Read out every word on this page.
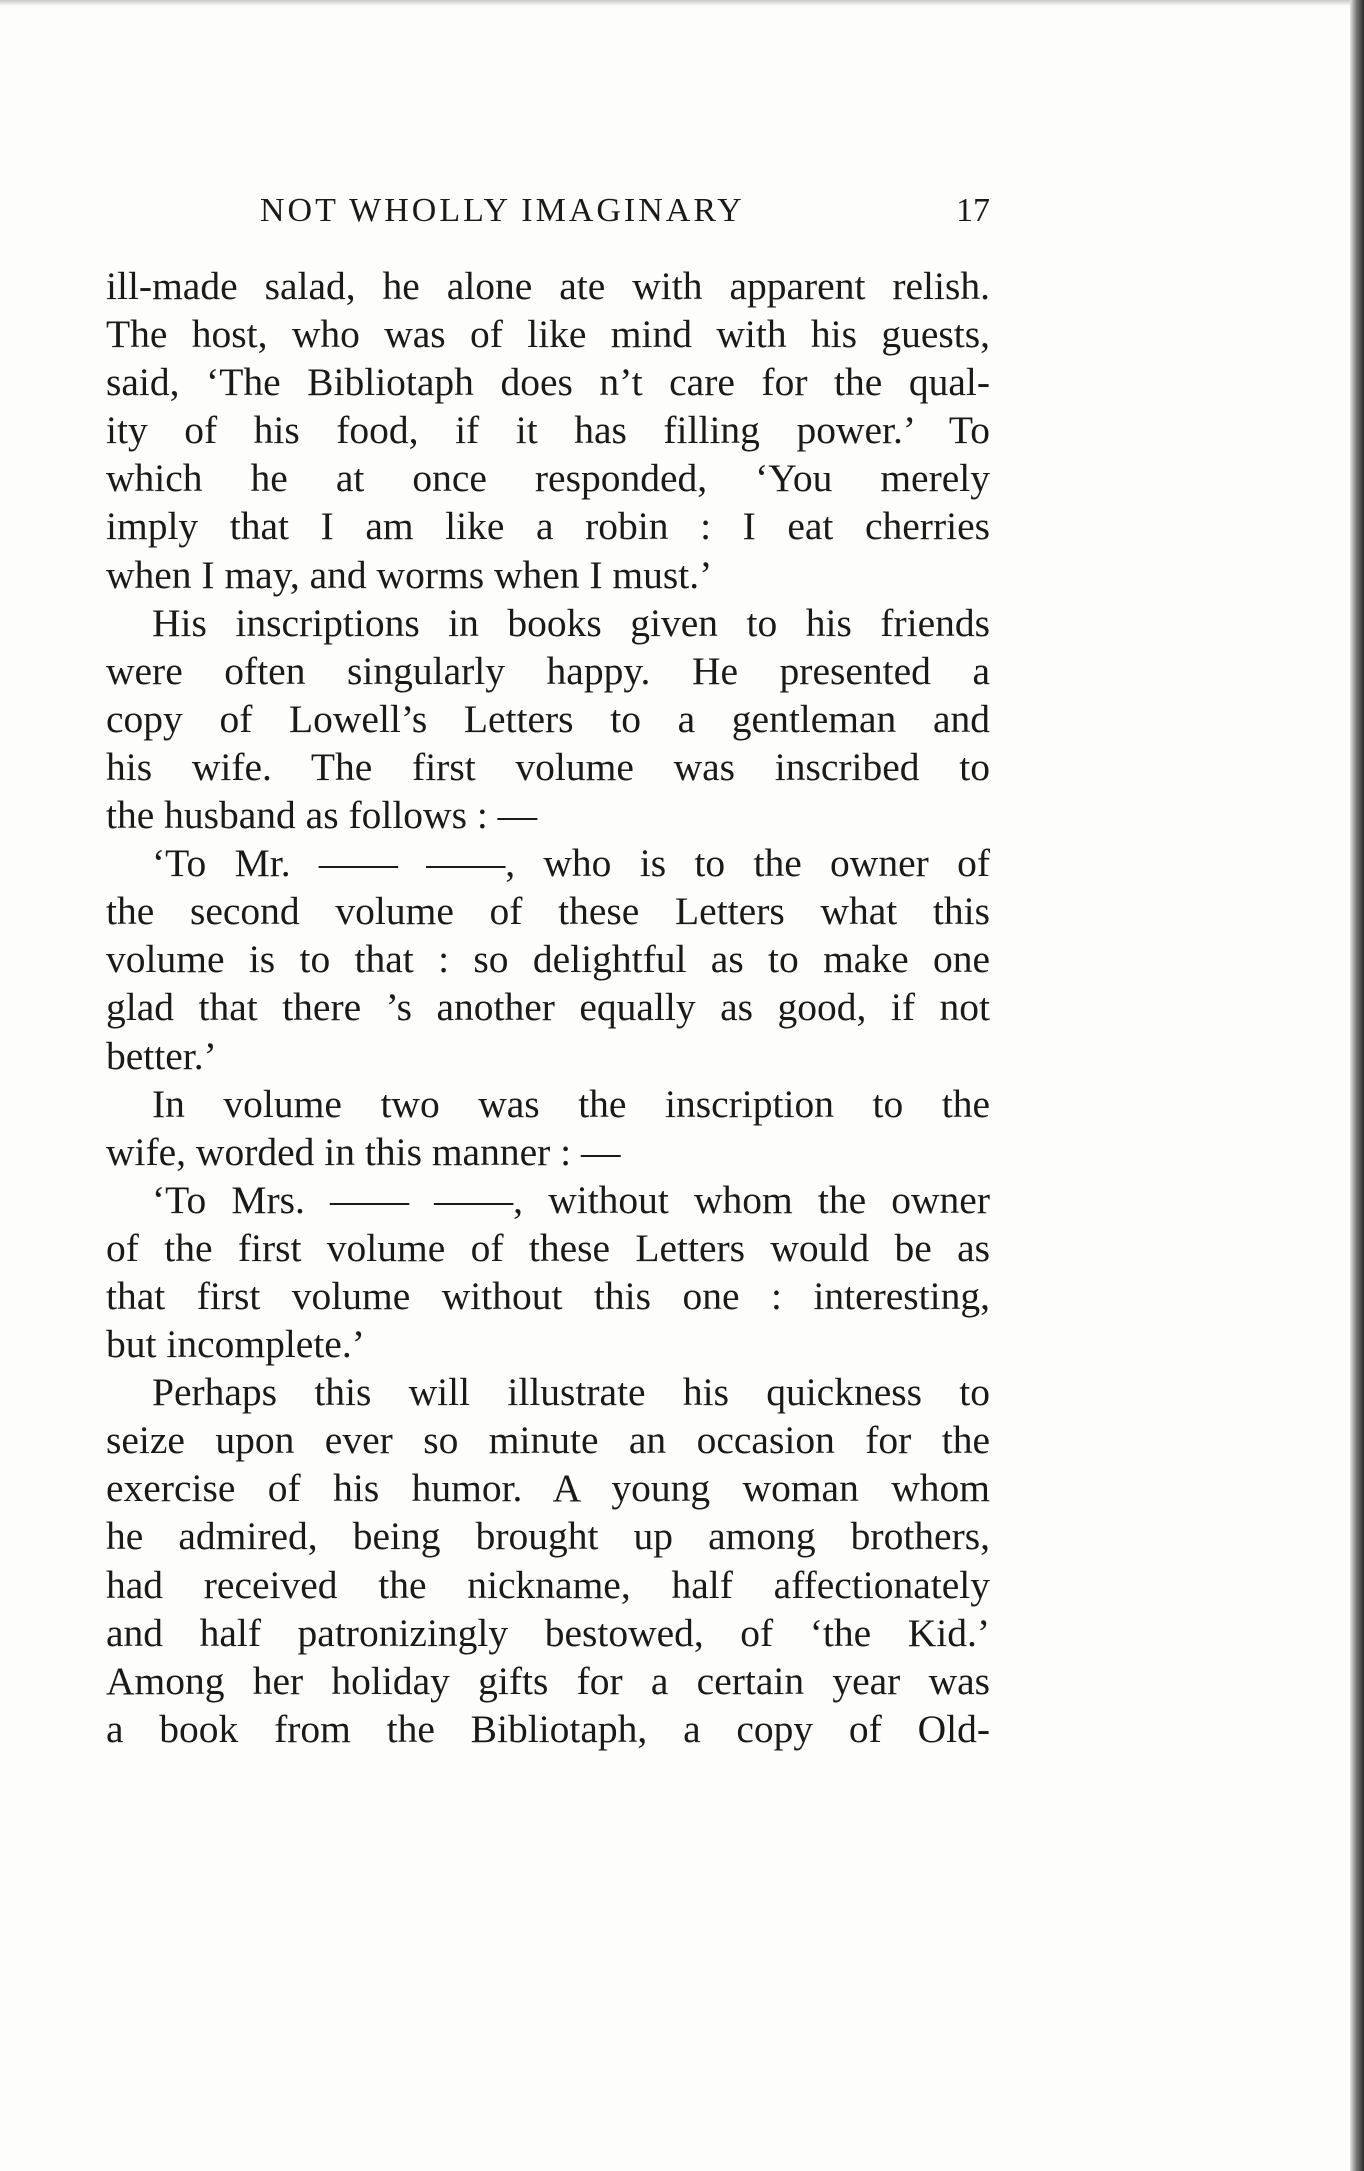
NOT WHOLLY IMAGINARY	17
ill-made salad, he alone ate with apparent relish.
The host, who was of like mind with his guests,
said, ‘The Bibliotaph does n’t care for the qual-
ity of his food, if it has filling power.’ To
which he at once responded, ‘You merely
imply that I am like a robin : I eat cherries
when I may, and worms when I must.’
His inscriptions in books given to his friends
were often singularly happy. He presented a
copy of Lowell’s Letters to a gentleman and
his wife. The first volume was inscribed to
the husband as follows : —
‘To Mr. —— ——, who is to the owner of
the second volume of these Letters what this
volume is to that : so delightful as to make one
glad that there ’s another equally as good, if not
better.’
In volume two was the inscription to the
wife, worded in this manner : —
‘To Mrs. —— ——, without whom the owner
of the first volume of these Letters would be as
that first volume without this one : interesting,
but incomplete.’
Perhaps this will illustrate his quickness to
seize upon ever so minute an occasion for the
exercise of his humor. A young woman whom
he admired, being brought up among brothers,
had received the nickname, half affectionately
and half patronizingly bestowed, of ‘the Kid.’
Among her holiday gifts for a certain year was
a book from the Bibliotaph, a copy of Old-
